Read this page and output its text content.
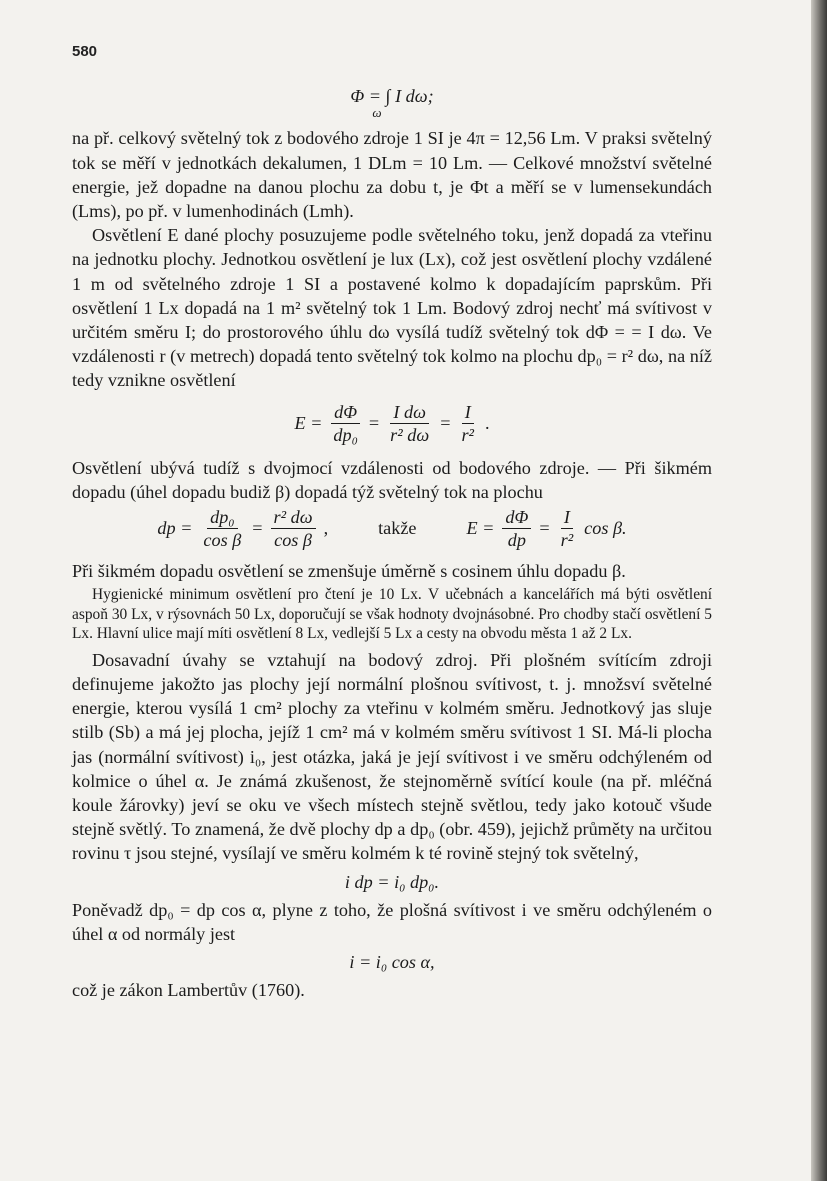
580
Φ = ∫ I dω;
ω

na př. celkový světelný tok z bodového zdroje 1 SI je 4π = 12,56 Lm. V praksi světelný tok se měří v jednotkách dekalumen, 1 DLm = 10 Lm. — Celkové množství světelné energie, jež dopadne na danou plochu za dobu t, je Φt a měří se v lumensekundách (Lms), po př. v lumenhodinách (Lmh).

Osvětlení E dané plochy posuzujeme podle světelného toku, jenž dopadá za vteřinu na jednotku plochy. Jednotkou osvětlení je lux (Lx), což jest osvětlení plochy vzdálené 1 m od světelného zdroje 1 SI a postavené kolmo k dopadajícím paprskům. Při osvětlení 1 Lx dopadá na 1 m² světelný tok 1 Lm. Bodový zdroj nechť má svítivost v určitém směru I; do prostorového úhlu dω vysílá tudíž světelný tok dΦ = = I dω. Ve vzdálenosti r (v metrech) dopadá tento světelný tok kolmo na plochu dp₀ = r² dω, na níž tedy vznikne osvětlení

$E = \frac{d\Phi}{\text{dp₀}} = \frac{\text{I dω}}{\text{r² dω}} = \frac{I}{\text{r²}}$ .

Osvětlení ubývá tudíž s dvojmocí vzdálenosti od bodového zdroje. — Při šikmém dopadu (úhel dopadu budiž β) dopadá týž světelný tok na plochu

dp = $\frac{\text{dp₀}}{\text{cos β}} = \frac{\text{r² dω}}{\text{cos β}}$ ,	takže	$E = \frac{d\Phi}{dp} = \frac{I}{\text{r²}}$ cos β.

Při šikmém dopadu osvětlení se zmenšuje úměrně s cosinem úhlu dopadu β.

Hygienické minimum osvětlení pro čtení je 10 Lx. V učebnách a kancelářích má býti osvětlení aspoň 30 Lx, v rýsovnách 50 Lx, doporučují se však hodnoty dvojnásobné. Pro chodby stačí osvětlení 5 Lx. Hlavní ulice mají míti osvětlení 8 Lx, vedlejší 5 Lx a cesty na obvodu města 1 až 2 Lx.

Dosavadní úvahy se vztahují na bodový zdroj. Při plošném svítícím zdroji definujeme jakožto jas plochy její normální plošnou svítivost, t. j. množsví světelné energie, kterou vysílá 1 cm² plochy za vteřinu v kolmém směru. Jednotkový jas sluje stilb (Sb) a má jej plocha, jejíž 1 cm² má v kolmém směru svítivost 1 SI. Má-li plocha jas (normální svítivost) i₀, jest otázka, jaká je její svítivost i ve směru odchýleném od kolmice o úhel α. Je známá zkušenost, že stejnoměrně svítící koule (na př. mléčná koule žárovky) jeví se oku ve všech místech stejně světlou, tedy jako kotouč všude stejně světlý. To znamená, že dvě plochy dp a dp₀ (obr. 459), jejichž průměty na určitou rovinu τ jsou stejné, vysílají ve směru kolmém k té rovině stejný tok světelný,

i dp = i₀ dp₀.

Poněvadž dp₀ = dp cos α, plyne z toho, že plošná svítivost i ve směru odchýleném o úhel α od normály jest

i = i₀ cos α,

což je zákon Lambertův (1760).
